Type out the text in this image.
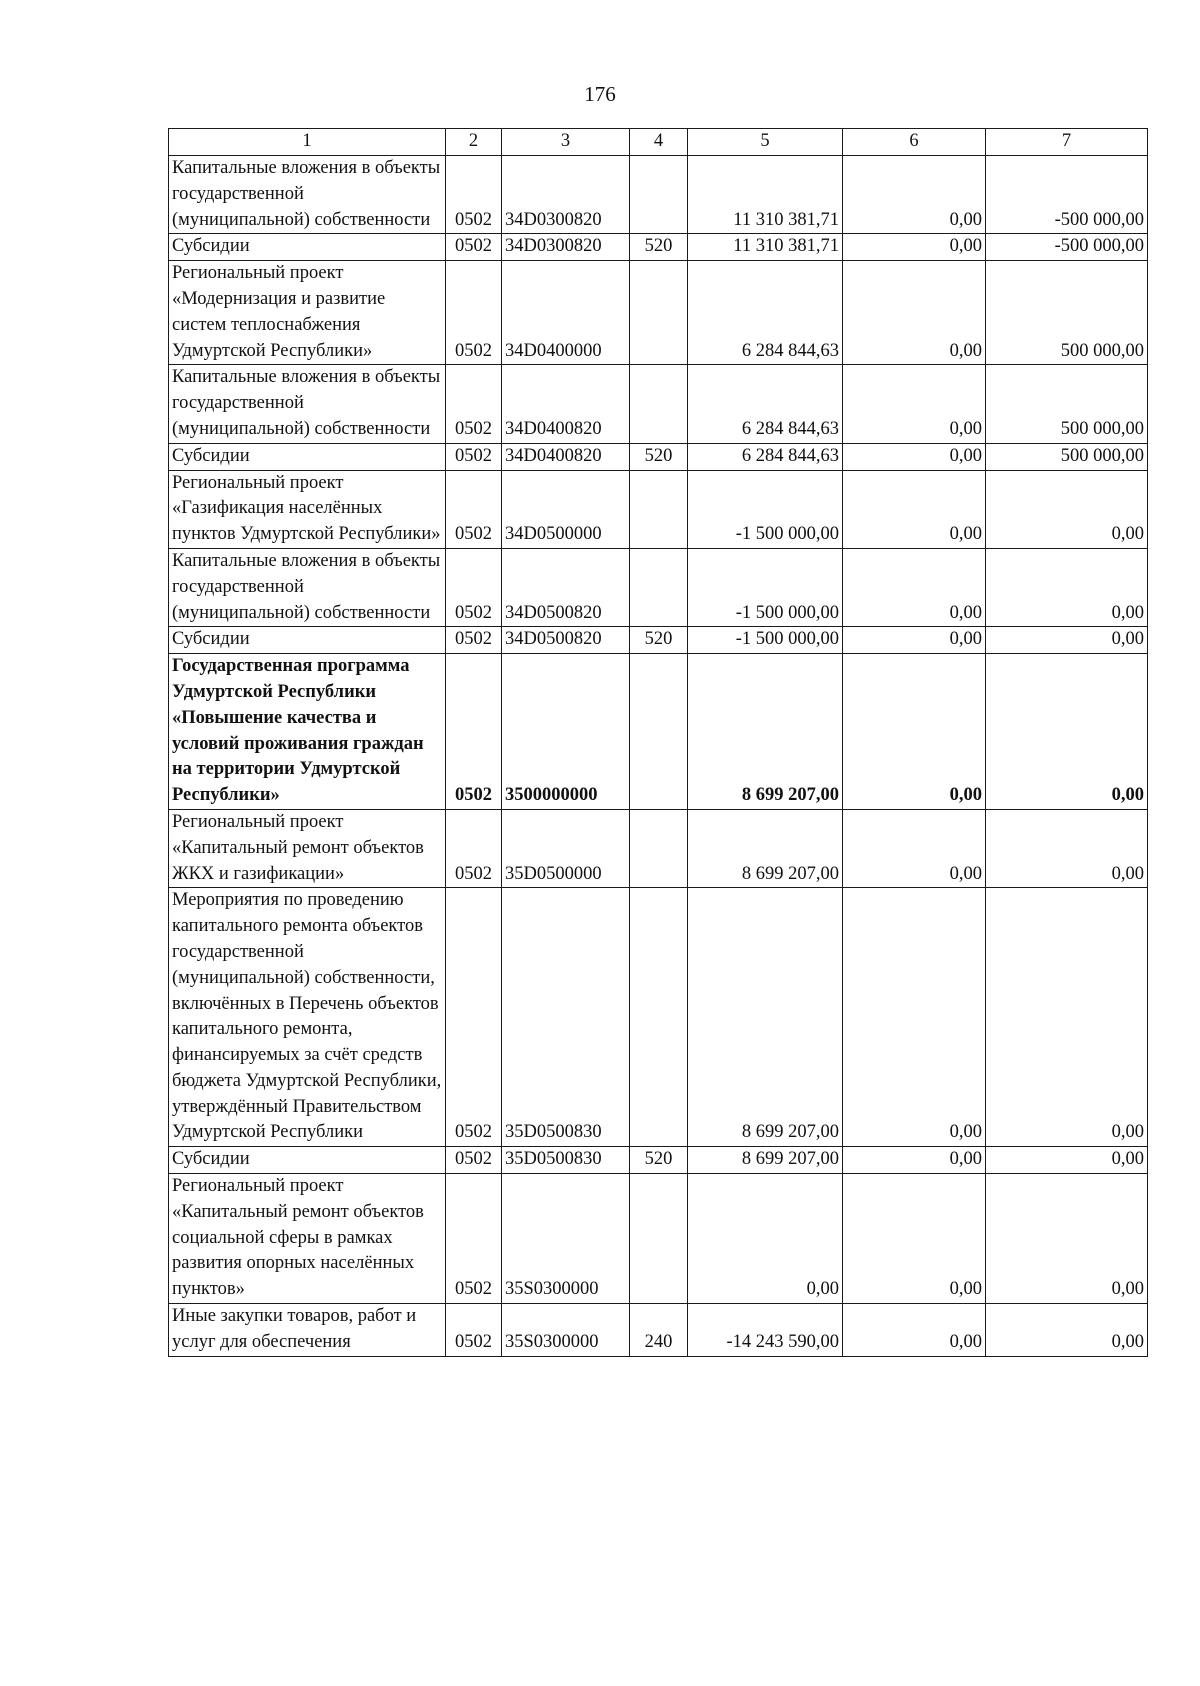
176
1	2	3	4	5	6	7
Капитальные вложения в объекты государственной (муниципальной) собственности	0502	34D0300820		11 310 381,71	0,00	-500 000,00
Субсидии	0502	34D0300820	520	11 310 381,71	0,00	-500 000,00
Региональный проект «Модернизация и развитие систем теплоснабжения Удмуртской Республики»	0502	34D0400000		6 284 844,63	0,00	500 000,00
Капитальные вложения в объекты государственной (муниципальной) собственности	0502	34D0400820		6 284 844,63	0,00	500 000,00
Субсидии	0502	34D0400820	520	6 284 844,63	0,00	500 000,00
Региональный проект «Газификация населённых пунктов Удмуртской Республики»	0502	34D0500000		-1 500 000,00	0,00	0,00
Капитальные вложения в объекты государственной (муниципальной) собственности	0502	34D0500820		-1 500 000,00	0,00	0,00
Субсидии	0502	34D0500820	520	-1 500 000,00	0,00	0,00
Государственная программа Удмуртской Республики «Повышение качества и условий проживания граждан на территории Удмуртской Республики»	0502	3500000000		8 699 207,00	0,00	0,00
Региональный проект «Капитальный ремонт объектов ЖКХ и газификации»	0502	35D0500000		8 699 207,00	0,00	0,00
Мероприятия по проведению капитального ремонта объектов государственной (муниципальной) собственности, включённых в Перечень объектов капитального ремонта, финансируемых за счёт средств бюджета Удмуртской Республики, утверждённый Правительством Удмуртской Республики	0502	35D0500830		8 699 207,00	0,00	0,00
Субсидии	0502	35D0500830	520	8 699 207,00	0,00	0,00
Региональный проект «Капитальный ремонт объектов социальной сферы в рамках развития опорных населённых пунктов»	0502	35S0300000		0,00	0,00	0,00
Иные закупки товаров, работ и услуг для обеспечения	0502	35S0300000	240	-14 243 590,00	0,00	0,00
